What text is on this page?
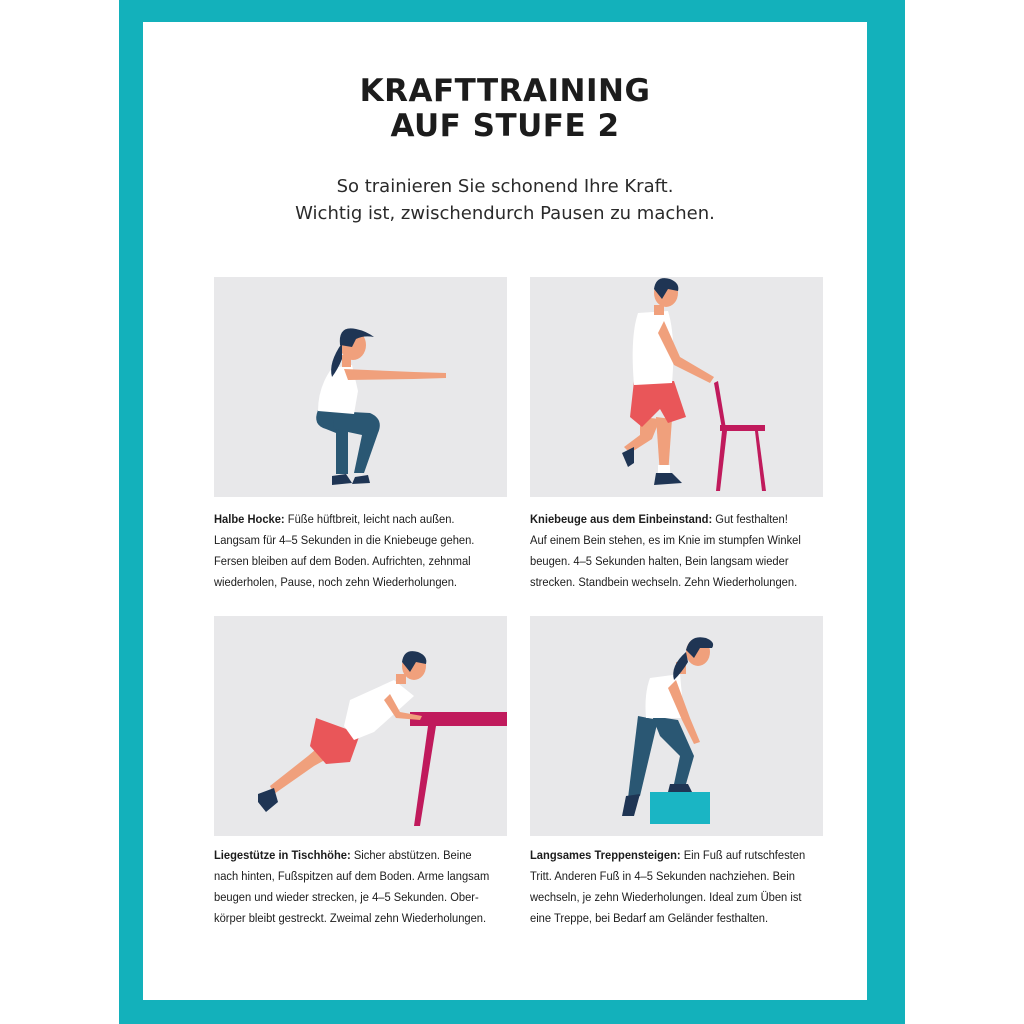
KRAFTTRAINING
AUF STUFE 2
So trainieren Sie schonend Ihre Kraft.
Wichtig ist, zwischendurch Pausen zu machen.
Halbe Hocke: Füße hüftbreit, leicht nach außen.
Langsam für 4–5 Sekunden in die Kniebeuge gehen.
Fersen bleiben auf dem Boden. Aufrichten, zehnmal
wiederholen, Pause, noch zehn Wiederholungen.
Kniebeuge aus dem Einbeinstand: Gut festhalten!
Auf einem Bein stehen, es im Knie im stumpfen Winkel
beugen. 4–5 Sekunden halten, Bein langsam wieder
strecken. Standbein wechseln. Zehn Wiederholungen.
Liegestütze in Tischhöhe: Sicher abstützen. Beine
nach hinten, Fußspitzen auf dem Boden. Arme langsam
beugen und wieder strecken, je 4–5 Sekunden. Ober-
körper bleibt gestreckt. Zweimal zehn Wiederholungen.
Langsames Treppensteigen: Ein Fuß auf rutschfesten
Tritt. Anderen Fuß in 4–5 Sekunden nachziehen. Bein
wechseln, je zehn Wiederholungen. Ideal zum Üben ist
eine Treppe, bei Bedarf am Geländer festhalten.
